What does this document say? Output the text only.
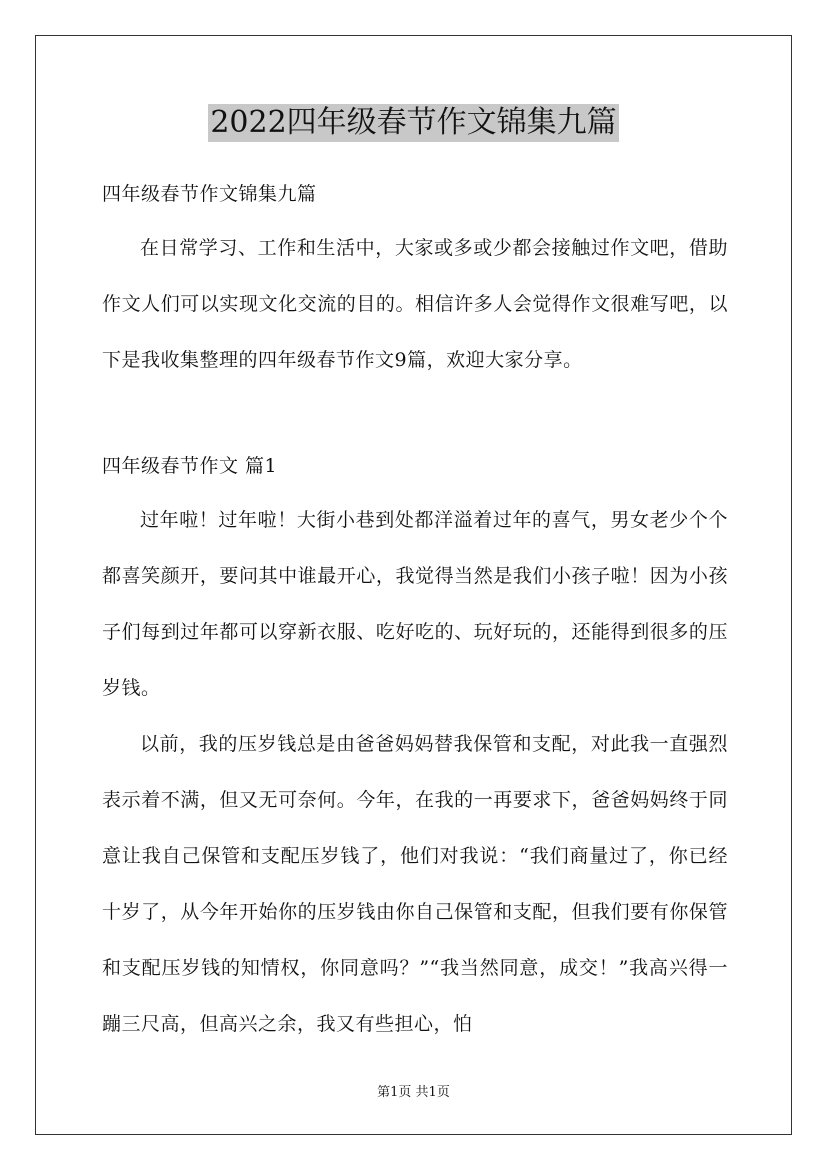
2022四年级春节作文锦集九篇
四年级春节作文锦集九篇

在日常学习、工作和生活中，大家或多或少都会接触过作文吧，借助作文人们可以实现文化交流的目的。相信许多人会觉得作文很难写吧，以下是我收集整理的四年级春节作文9篇，欢迎大家分享。

四年级春节作文 篇1

过年啦！过年啦！大街小巷到处都洋溢着过年的喜气，男女老少个个都喜笑颜开，要问其中谁最开心，我觉得当然是我们小孩子啦！因为小孩子们每到过年都可以穿新衣服、吃好吃的、玩好玩的，还能得到很多的压岁钱。

以前，我的压岁钱总是由爸爸妈妈替我保管和支配，对此我一直强烈表示着不满，但又无可奈何。今年，在我的一再要求下，爸爸妈妈终于同意让我自己保管和支配压岁钱了，他们对我说：“我们商量过了，你已经十岁了，从今年开始你的压岁钱由你自己保管和支配，但我们要有你保管和支配压岁钱的知情权，你同意吗？”“我当然同意，成交！”我高兴得一蹦三尺高，但高兴之余，我又有些担心，怕

第1页 共1页
